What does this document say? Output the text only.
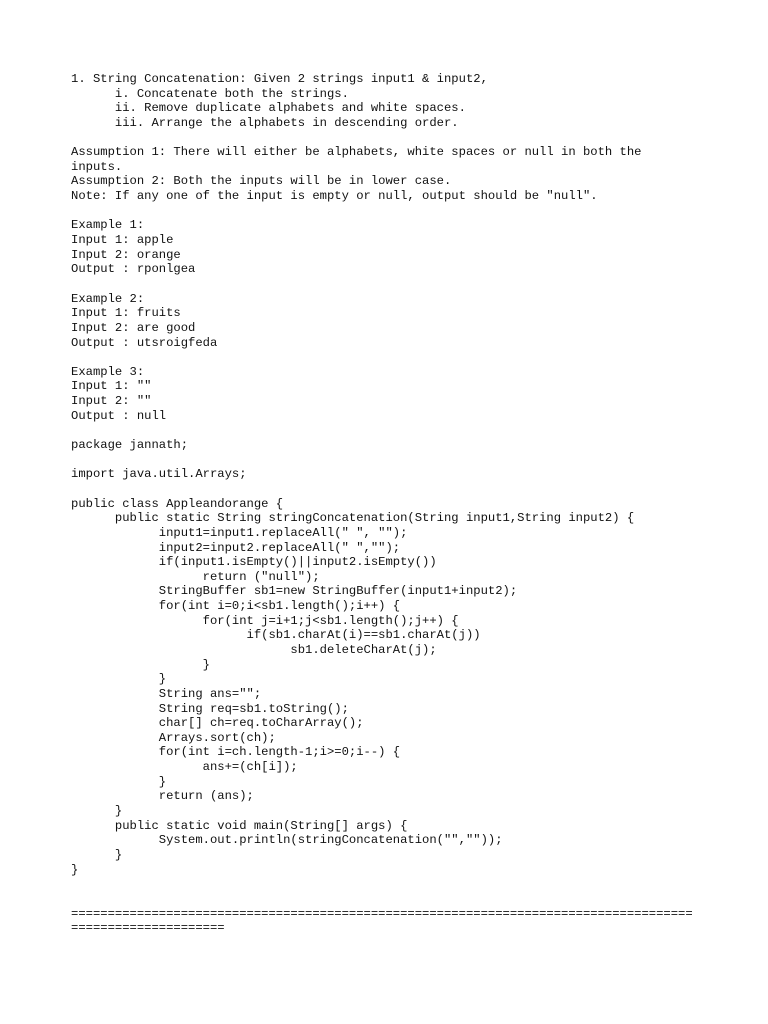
1. String Concatenation: Given 2 strings input1 & input2,
i. Concatenate both the strings.
ii. Remove duplicate alphabets and white spaces.
iii. Arrange the alphabets in descending order.
Assumption 1: There will either be alphabets, white spaces or null in both the
inputs.
Assumption 2: Both the inputs will be in lower case.
Note: If any one of the input is empty or null, output should be "null".
Example 1:
Input 1: apple
Input 2: orange
Output : rponlgea
Example 2:
Input 1: fruits
Input 2: are good
Output : utsroigfeda
Example 3:
Input 1: ""
Input 2: ""
Output : null
package jannath;
import java.util.Arrays;
public class Appleandorange {
public static String stringConcatenation(String input1,String input2) {
input1=input1.replaceAll(" ", "");
input2=input2.replaceAll(" ","");
if(input1.isEmpty()||input2.isEmpty())
return ("null");
StringBuffer sb1=new StringBuffer(input1+input2);
for(int i=0;i<sb1.length();i++) {
for(int j=i+1;j<sb1.length();j++) {
if(sb1.charAt(i)==sb1.charAt(j))
sb1.deleteCharAt(j);
}
}
String ans="";
String req=sb1.toString();
char[] ch=req.toCharArray();
Arrays.sort(ch);
for(int i=ch.length-1;i>=0;i--) {
ans+=(ch[i]);
}
return (ans);
}
public static void main(String[] args) {
System.out.println(stringConcatenation("",""));
}
}
=====================================================================================
=====================
